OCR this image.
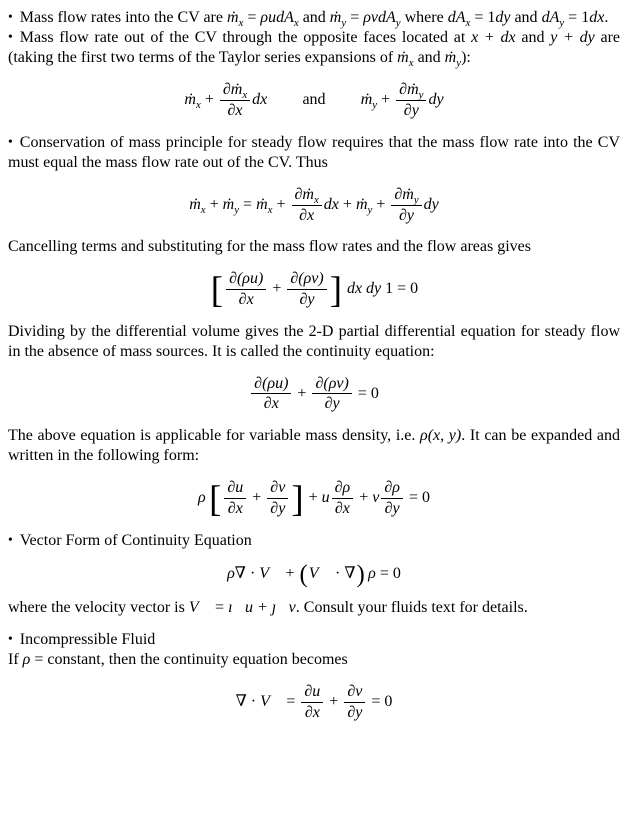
• Mass flow rates into the CV are ṁ$_x$ = ρudA$_x$ and ṁ$_y$ = ρvdA$_y$ where $dA_x = 1dy$ and $dA_y = 1dx$.
• Mass flow rate out of the CV through the opposite faces located at x + dx and y + dy are (taking the first two terms of the Taylor series expansions of ṁ$_x$ and ṁ$_y$):
ṁ$_x$ + $\frac{\partial ṁ_x}{\partial x}$ dx and ṁ$_y$ + $\frac{\partial ṁ_y}{\partial y}$ dy
• Conservation of mass principle for steady flow requires that the mass flow rate into the CV must equal the mass flow rate out of the CV. Thus
ṁ$_x$ + ṁ$_y$ = ṁ$_x$ + $\frac{\partial ṁ_x}{\partial x}$ dx + ṁ$_y$ + $\frac{\partial ṁ_y}{\partial y}$ dy
Cancelling terms and substituting for the mass flow rates and the flow areas gives
[ $\frac{\partial(\rho u)}{\partial x} + \frac{\partial(\rho v)}{\partial y}$ ] dx dy 1 = 0
Dividing by the differential volume gives the 2-D partial differential equation for steady flow in the absence of mass sources. It is called the continuity equation:
$\frac{\partial(\rho u)}{\partial x} + \frac{\partial(\rho v)}{\partial y} = 0$
The above equation is applicable for variable mass density, i.e. ρ(x, y). It can be expanded and written in the following form:
ρ [ $\frac{\partial u}{\partial x} + \frac{\partial v}{\partial y}$ ] + u $\frac{\partial\rho}{\partial x} + v \frac{\partial\rho}{\partial y} = 0$
• Vector Form of Continuity Equation
ρ∇ · V⃗ + (V⃗ · ∇) ρ = 0
where the velocity vector is V⃗ = ı⃗u + ȷ⃗v. Consult your fluids text for details.
• Incompressible Fluid
If ρ = constant, then the continuity equation becomes
∇ · V⃗ = $\frac{\partial u}{\partial x} + \frac{\partial v}{\partial y} = 0$
